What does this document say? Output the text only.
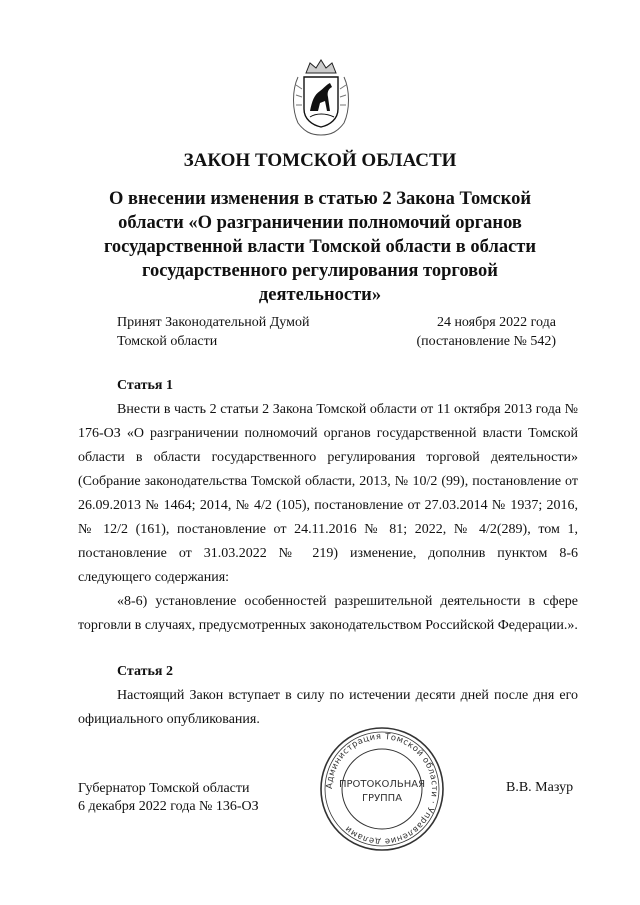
ЗАКОН ТОМСКОЙ ОБЛАСТИ
О внесении изменения в статью 2 Закона Томской
области «О разграничении полномочий органов
государственной власти Томской области в области
государственного регулирования торговой
деятельности»
Принят Законодательной Думой
Томской области
24 ноября 2022 года
(постановление № 542)
Статья 1

Внести в часть 2 статьи 2 Закона Томской области от 11 октября 2013 года № 176-ОЗ «О разграничении полномочий органов государственной власти Томской области в области государственного регулирования торговой деятельности» (Собрание законодательства Томской области, 2013, № 10/2 (99), постановление от 26.09.2013 № 1464; 2014, № 4/2 (105), постановление от 27.03.2014 № 1937; 2016, № 12/2 (161), постановление от 24.11.2016 № 81; 2022, № 4/2(289), том 1, постановление от 31.03.2022 № 219) изменение, дополнив пунктом 8-6 следующего содержания:

«8-6) установление особенностей разрешительной деятельности в сфере торговли в случаях, предусмотренных законодательством Российской Федерации.».

Статья 2

Настоящий Закон вступает в силу по истечении десяти дней после дня его официального опубликования.

Губернатор Томской области
6 декабря 2022 года № 136-ОЗ
В.В. Мазур
Администрация Томской области · Управление делами
ПРОТОКОЛЬНАЯ
ГРУППА
